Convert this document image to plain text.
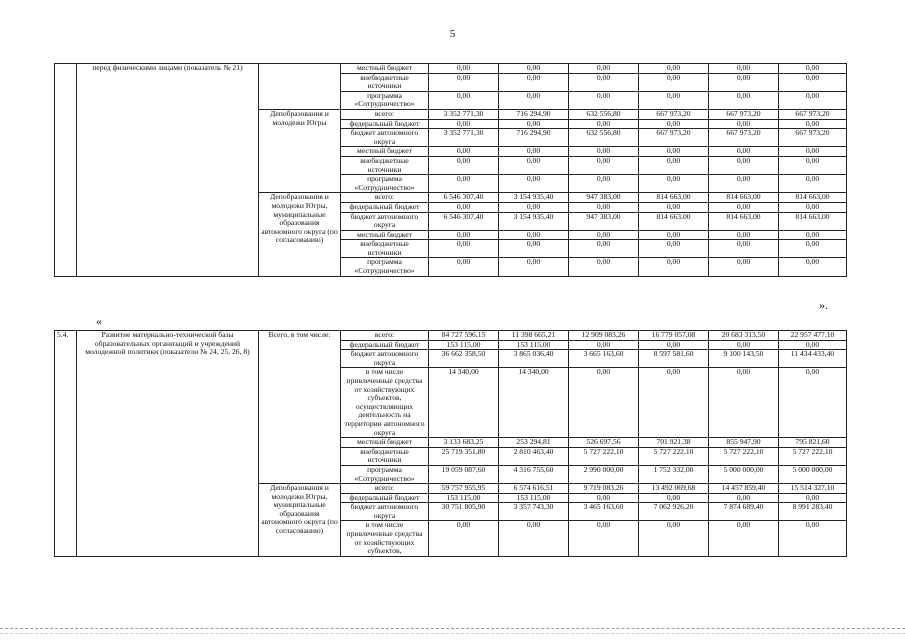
5
	перед физическими лицами (показатель № 21)		местный бюджет	0,00	0,00	0,00	0,00	0,00	0,00
			внебюджетные источники	0,00	0,00	0,00	0,00	0,00	0,00
			программа «Сотрудничество»	0,00	0,00	0,00	0,00	0,00	0,00
		Депобразования и молодежи Югры	всего:	3 352 771,30	716 294,90	632 556,80	667 973,20	667 973,20	667 973,20
			федеральный бюджет	0,00	0,00	0,00	0,00	0,00	0,00
			бюджет автономного округа	3 352 771,30	716 294,90	632 556,80	667 973,20	667 973,20	667 973,20
			местный бюджет	0,00	0,00	0,00	0,00	0,00	0,00
			внебюджетные источники	0,00	0,00	0,00	0,00	0,00	0,00
			программа «Сотрудничество»	0,00	0,00	0,00	0,00	0,00	0,00
		Депобразования и молодежи Югры, муниципальные образования автономного округа (по согласованию)	всего:	6 546 307,40	3 154 935,40	947 383,00	814 663,00	814 663,00	814 663,00
			федеральный бюджет	0,00	0,00	0,00	0,00	0,00	0,00
			бюджет автономного округа	6 546 307,40	3 154 935,40	947 383,00	814 663,00	814 663,00	814 663,00
			местный бюджет	0,00	0,00	0,00	0,00	0,00	0,00
			внебюджетные источники	0,00	0,00	0,00	0,00	0,00	0,00
			программа «Сотрудничество»	0,00	0,00	0,00	0,00	0,00	0,00
».
«
5.4.	Развитие материально-технической базы образовательных организаций и учреждений молодежной политики (показатели № 24, 25, 26, 8)	Всего, в том числе:	всего:	84 727 596,15	11 398 665,21	12 909 083,26	16 779 057,08	20 683 313,50	22 957 477,10
			федеральный бюджет	153 115,00	153 115,00	0,00	0,00	0,00	0,00
			бюджет автономного округа	36 662 358,50	3 865 036,40	3 665 163,60	8 597 581,60	9 100 143,50	11 434 433,40
			в том числе привлеченные средства от хозяйствующих субъектов, осуществляющих деятельность на территории автономного округа	14 340,00	14 340,00	0,00	0,00	0,00	0,00
			местный бюджет	3 133 683,25	253 294,81	526 697,56	701 921,38	855 947,90	795 821,60
			внебюджетные источники	25 719 351,80	2 810 463,40	5 727 222,10	5 727 222,10	5 727 222,10	5 727 222,10
			программа «Сотрудничество»	19 059 087,60	4 316 755,60	2 990 000,00	1 752 332,00	5 000 000,00	5 000 000,00
		Депобразования и молодежи Югры, муниципальные образования автономного округа (по согласованию)	всего:	59 757 955,95	6 574 616,51	9 719 083,26	13 492 069,68	14 457 859,40	15 514 327,10
			федеральный бюджет	153 115,00	153 115,00	0,00	0,00	0,00	0,00
			бюджет автономного округа	30 751 805,90	3 357 743,30	3 465 163,60	7 062 926,20	7 874 689,40	8 991 283,40
			в том числе привлеченные средства от хозяйствующих субъектов,	0,00	0,00	0,00	0,00	0,00	0,00
